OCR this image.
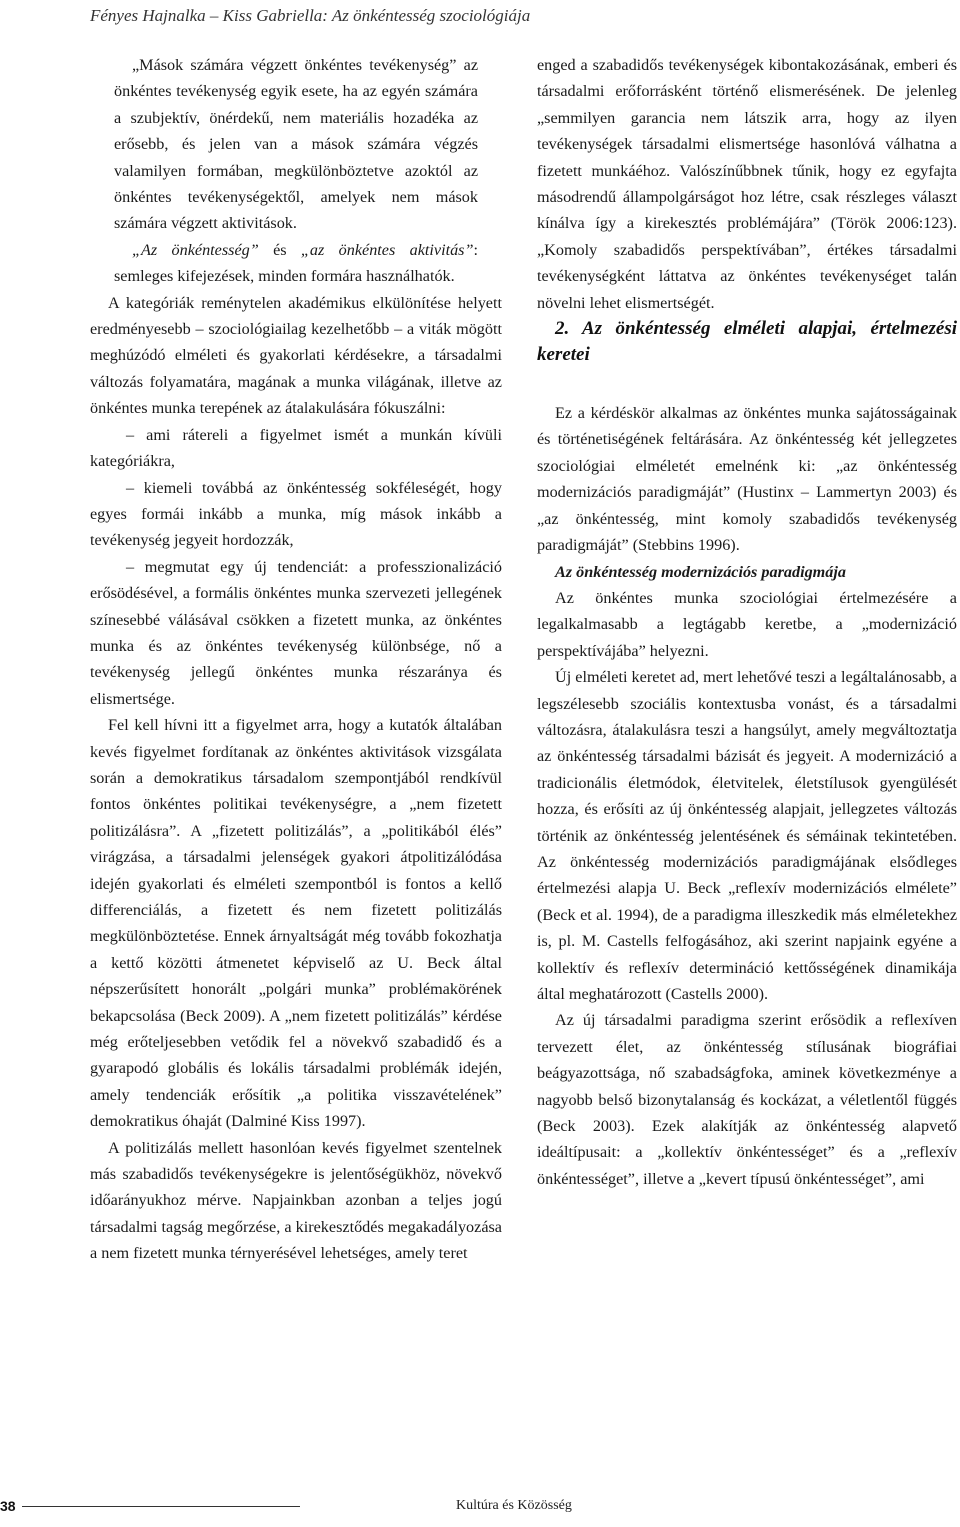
Fényes Hajnalka – Kiss Gabriella: Az önkéntesség szociológiája

„Mások számára végzett önkéntes tevékenység” az önkéntes tevékenység egyik esete, ha az egyén számára a szubjektív, önérdekű, nem materiális hozadéka az erősebb, és jelen van a mások számára végzés valamilyen formában, megkülönböztetve azoktól az önkéntes tevékenységektől, amelyek nem mások számára végzett aktivitások.

„Az önkéntesség” és „az önkéntes aktivitás”: semleges kifejezések, minden formára használhatók.

A kategóriák reménytelen akadémikus elkülönítése helyett eredményesebb – szociológiailag kezelhetőbb – a viták mögött meghúzódó elméleti és gyakorlati kérdésekre, a társadalmi változás folyamatára, magának a munka világának, illetve az önkéntes munka terepének az átalakulására fókuszálni:

– ami rátereli a figyelmet ismét a munkán kívüli kategóriákra,

– kiemeli továbbá az önkéntesség sokféleségét, hogy egyes formái inkább a munka, míg mások inkább a tevékenység jegyeit hordozzák,

– megmutat egy új tendenciát: a professzionalizáció erősödésével, a formális önkéntes munka szervezeti jellegének színesebbé válásával csökken a fizetett munka, az önkéntes munka és az önkéntes tevékenység különbsége, nő a tevékenység jellegű önkéntes munka részaránya és elismertsége.

Fel kell hívni itt a figyelmet arra, hogy a kutatók általában kevés figyelmet fordítanak az önkéntes aktivitások vizsgálata során a demokratikus társadalom szempontjából rendkívül fontos önkéntes politikai tevékenységre, a „nem fizetett politizálásra”. A „fizetett politizálás”, a „politikából élés” virágzása, a társadalmi jelenségek gyakori átpolitizálódása idején gyakorlati és elméleti szempontból is fontos a kellő differenciálás, a fizetett és nem fizetett politizálás megkülönböztetése. Ennek árnyaltságát még tovább fokozhatja a kettő közötti átmenetet képviselő az U. Beck által népszerűsített honorált „polgári munka” problémakörének bekapcsolása (Beck 2009). A „nem fizetett politizálás” kérdése még erőteljesebben vetődik fel a növekvő szabadidő és a gyarapodó globális és lokális társadalmi problémák idején, amely tendenciák erősítik „a politika visszavételének” demokratikus óhaját (Dalminé Kiss 1997).

A politizálás mellett hasonlóan kevés figyelmet szentelnek más szabadidős tevékenységekre is jelentőségükhöz, növekvő időarányukhoz mérve. Napjainkban azonban a teljes jogú társadalmi tagság megőrzése, a kirekesztődés megakadályozása a nem fizetett munka térnyerésével lehetséges, amely teret

enged a szabadidős tevékenységek kibontakozásának, emberi és társadalmi erőforrásként történő elismerésének. De jelenleg „semmilyen garancia nem látszik arra, hogy az ilyen tevékenységek társadalmi elismertsége hasonlóvá válhatna a fizetett munkáéhoz. Valószínűbbnek tűnik, hogy ez egyfajta másodrendű állampolgárságot hoz létre, csak részleges választ kínálva így a kirekesztés problémájára” (Török 2006:123). „Komoly szabadidős perspektívában”, értékes társadalmi tevékenységként láttatva az önkéntes tevékenységet talán növelni lehet elismertségét.

2. Az önkéntesség elméleti alapjai, értelmezési keretei

Ez a kérdéskör alkalmas az önkéntes munka sajátosságainak és történetiségének feltárására. Az önkéntesség két jellegzetes szociológiai elméletét emelnénk ki: „az önkéntesség modernizációs paradigmáját” (Hustinx – Lammertyn 2003) és „az önkéntesség, mint komoly szabadidős tevékenység paradigmáját” (Stebbins 1996).

Az önkéntesség modernizációs paradigmája

Az önkéntes munka szociológiai értelmezésére a legalkalmasabb a legtágabb keretbe, a „modernizáció perspektívájába” helyezni.

Új elméleti keretet ad, mert lehetővé teszi a legáltalánosabb, a legszélesebb szociális kontextusba vonást, és a társadalmi változásra, átalakulásra teszi a hangsúlyt, amely megváltoztatja az önkéntesség társadalmi bázisát és jegyeit. A modernizáció a tradicionális életmódok, életvitelek, életstílusok gyengülését hozza, és erősíti az új önkéntesség alapjait, jellegzetes változás történik az önkéntesség jelentésének és sémáinak tekintetében. Az önkéntesség modernizációs paradigmájának elsődleges értelmezési alapja U. Beck „reflexív modernizációs elmélete” (Beck et al. 1994), de a paradigma illeszkedik más elméletekhez is, pl. M. Castells felfogásához, aki szerint napjaink egyéne a kollektív és reflexív determináció kettősségének dinamikája által meghatározott (Castells 2000).

Az új társadalmi paradigma szerint erősödik a reflexíven tervezett élet, az önkéntesség stílusának biográfiai beágyazottsága, nő szabadságfoka, aminek következménye a nagyobb belső bizonytalanság és kockázat, a véletlentől függés (Beck 2003). Ezek alakítják az önkéntesség alapvető ideáltípusait: a „kollektív önkéntességet” és a „reflexív önkéntességet”, illetve a „kevert típusú önkéntességet”, ami

38	Kultúra és Közösség
